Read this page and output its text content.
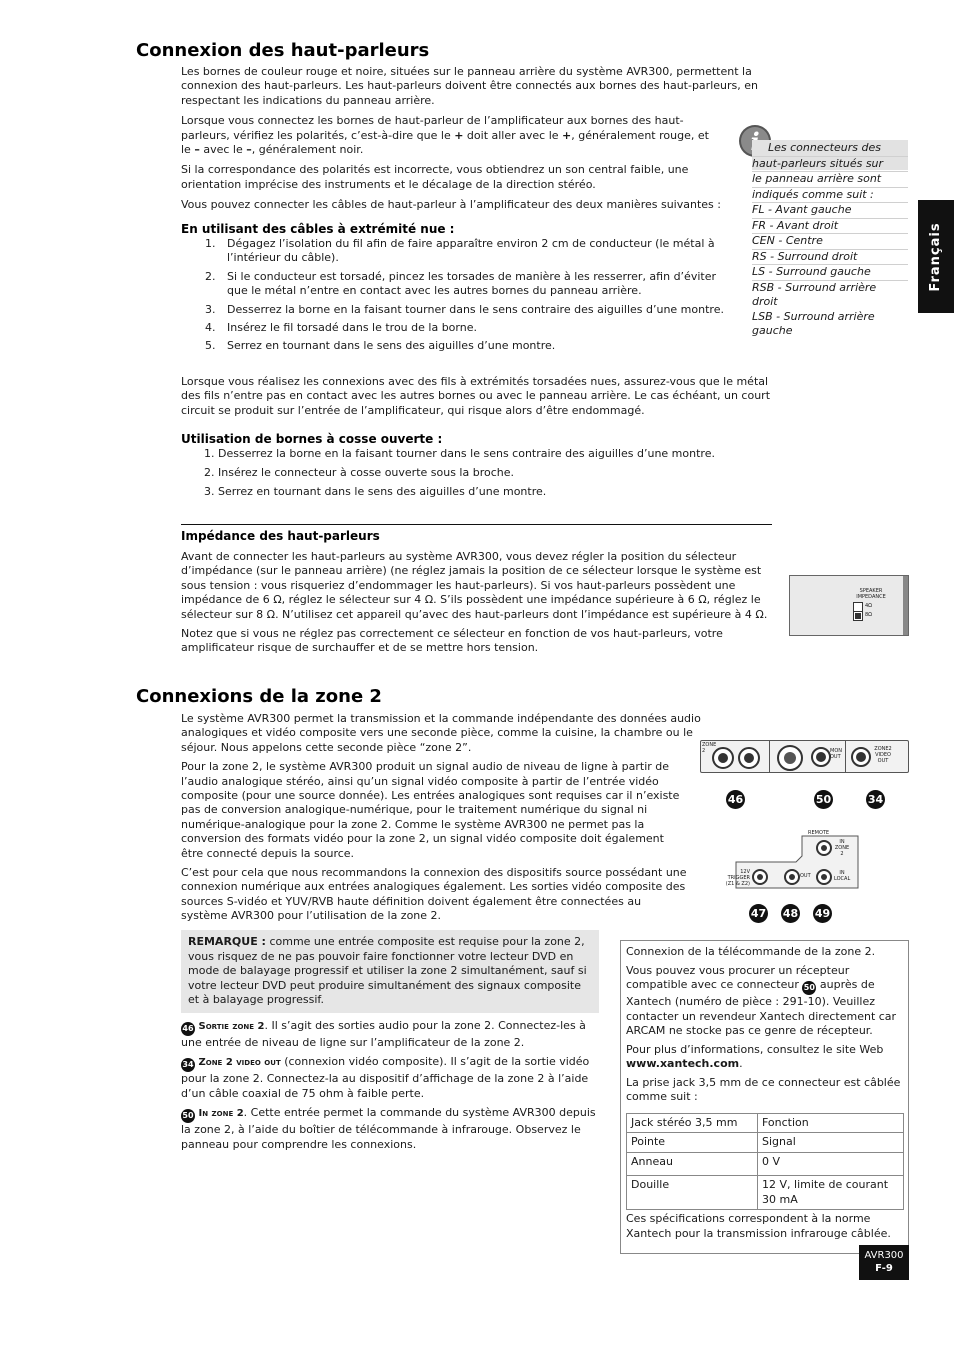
Français
Connexion des haut-parleurs

Les bornes de couleur rouge et noire, situées sur le panneau arrière du système AVR300, permettent la connexion des haut-parleurs. Les haut-parleurs doivent être connectés aux bornes des haut-parleurs, en respectant les indications du panneau arrière.

Lorsque vous connectez les bornes de haut-parleur de l’amplificateur aux bornes des haut-parleurs, vérifiez les polarités, c’est-à-dire que le + doit aller avec le +, généralement rouge, et le – avec le –, généralement noir.

Si la correspondance des polarités est incorrecte, vous obtiendrez un son central faible, une orientation imprécise des instruments et le décalage de la direction stéréo.

Vous pouvez connecter les câbles de haut-parleur à l’amplificateur des deux manières suivantes :

En utilisant des câbles à extrémité nue :
1. Dégagez l’isolation du fil afin de faire apparaître environ 2 cm de conducteur (le métal à l’intérieur du câble).
2. Si le conducteur est torsadé, pincez les torsades de manière à les resserrer, afin d’éviter que le métal n’entre en contact avec les autres bornes du panneau arrière.
3. Desserrez la borne en la faisant tourner dans le sens contraire des aiguilles d’une montre.
4. Insérez le fil torsadé dans le trou de la borne.
5. Serrez en tournant dans le sens des aiguilles d’une montre.

Lorsque vous réalisez les connexions avec des fils à extrémités torsadées nues, assurez-vous que le métal des fils n’entre pas en contact avec les autres bornes ou avec le panneau arrière. Le cas échéant, un court circuit se produit sur l’entrée de l’amplificateur, qui risque alors d’être endommagé.

Utilisation de bornes à cosse ouverte :
1. Desserrez la borne en la faisant tourner dans le sens contraire des aiguilles d’une montre.
2. Insérez le connecteur à cosse ouverte sous la broche.
3. Serrez en tournant dans le sens des aiguilles d’une montre.
Impédance des haut-parleurs

Avant de connecter les haut-parleurs au système AVR300, vous devez régler la position du sélecteur d’impédance (sur le panneau arrière) (ne réglez jamais la position de ce sélecteur lorsque le système est sous tension : vous risqueriez d’endommager les haut-parleurs). Si vos haut-parleurs possèdent une impédance de 6 Ω, réglez le sélecteur sur 4 Ω. S’ils possèdent une impédance supérieure à 6 Ω, réglez le sélecteur sur 8 Ω. N’utilisez cet appareil qu’avec des haut-parleurs dont l’impédance est supérieure à 4 Ω.

Notez que si vous ne réglez pas correctement ce sélecteur en fonction de vos haut-parleurs, votre amplificateur risque de surchauffer et de se mettre hors tension.

Les connecteurs des
haut-parleurs situés sur
le panneau arrière sont
indiqués comme suit :
FL - Avant gauche
FR - Avant droit
CEN - Centre
RS - Surround droit
LS - Surround gauche
RSB - Surround arrière
droit
LSB - Surround arrière
gauche
SPEAKER
IMPEDANCE
4Ω
8Ω
Connexions de la zone 2

Le système AVR300 permet la transmission et la commande indépendante des données audio analogiques et vidéo composite vers une seconde pièce, comme la cuisine, la chambre ou le séjour. Nous appelons cette seconde pièce “zone 2”.

Pour la zone 2, le système AVR300 produit un signal audio de niveau de ligne à partir de l’audio analogique stéréo, ainsi qu’un signal vidéo composite à partir de l’entrée vidéo composite (pour une source donnée). Les entrées analogiques sont requises car il n’existe pas de conversion analogique-numérique, pour le traitement numérique du signal ni numérique-analogique pour la zone 2. Comme le système AVR300 ne permet pas la conversion des formats vidéo pour la zone 2, un signal vidéo composite doit également être connecté depuis la source.

C’est pour cela que nous recommandons la connexion des dispositifs source possédant une connexion numérique aux entrées analogiques également. Les sorties vidéo composite des sources S-vidéo et YUV/RVB haute définition doivent également être connectées au système AVR300 pour l’utilisation de la zone 2.

REMARQUE : comme une entrée composite est requise pour la zone 2, vous risquez de ne pas pouvoir faire fonctionner votre lecteur DVD en mode de balayage progressif et utiliser la zone 2 simultanément, sauf si votre lecteur DVD peut produire simultanément des signaux composite et à balayage progressif.

46 Sortie zone 2. Il s’agit des sorties audio pour la zone 2. Connectez-les à une entrée de niveau de ligne sur l’amplificateur de la zone 2.

34 Zone 2 video out (connexion vidéo composite). Il s’agit de la sortie vidéo pour la zone 2. Connectez-la au dispositif d’affichage de la zone 2 à l’aide d’un câble coaxial de 75 ohm à faible perte.

50 In zone 2. Cette entrée permet la commande du système AVR300 depuis la zone 2, à l’aide du boîtier de télécommande à infrarouge. Observez le panneau pour comprendre les connexions.

ZONE 2	MON OUT
ZONE2 VIDEO OUT
46	50	34
REMOTE
IN ZONE 2
12V TRIGGER (Z1 & Z2)
OUT	IN LOCAL
47 48 49

Connexion de la télécommande de la zone 2.

Vous pouvez vous procurer un récepteur compatible avec ce connecteur 50 auprès de Xantech (numéro de pièce : 291-10). Veuillez contacter un revendeur Xantech directement car ARCAM ne stocke pas ce genre de récepteur.

Pour plus d’informations, consultez le site Web www.xantech.com.

La prise jack 3,5 mm de ce connecteur est câblée comme suit :

Jack stéréo 3,5 mm	Fonction
Pointe	Signal
Anneau	0 V
Douille	12 V, limite de courant 30 mA

Ces spécifications correspondent à la norme Xantech pour la transmission infrarouge câblée.

AVR300
F-9
